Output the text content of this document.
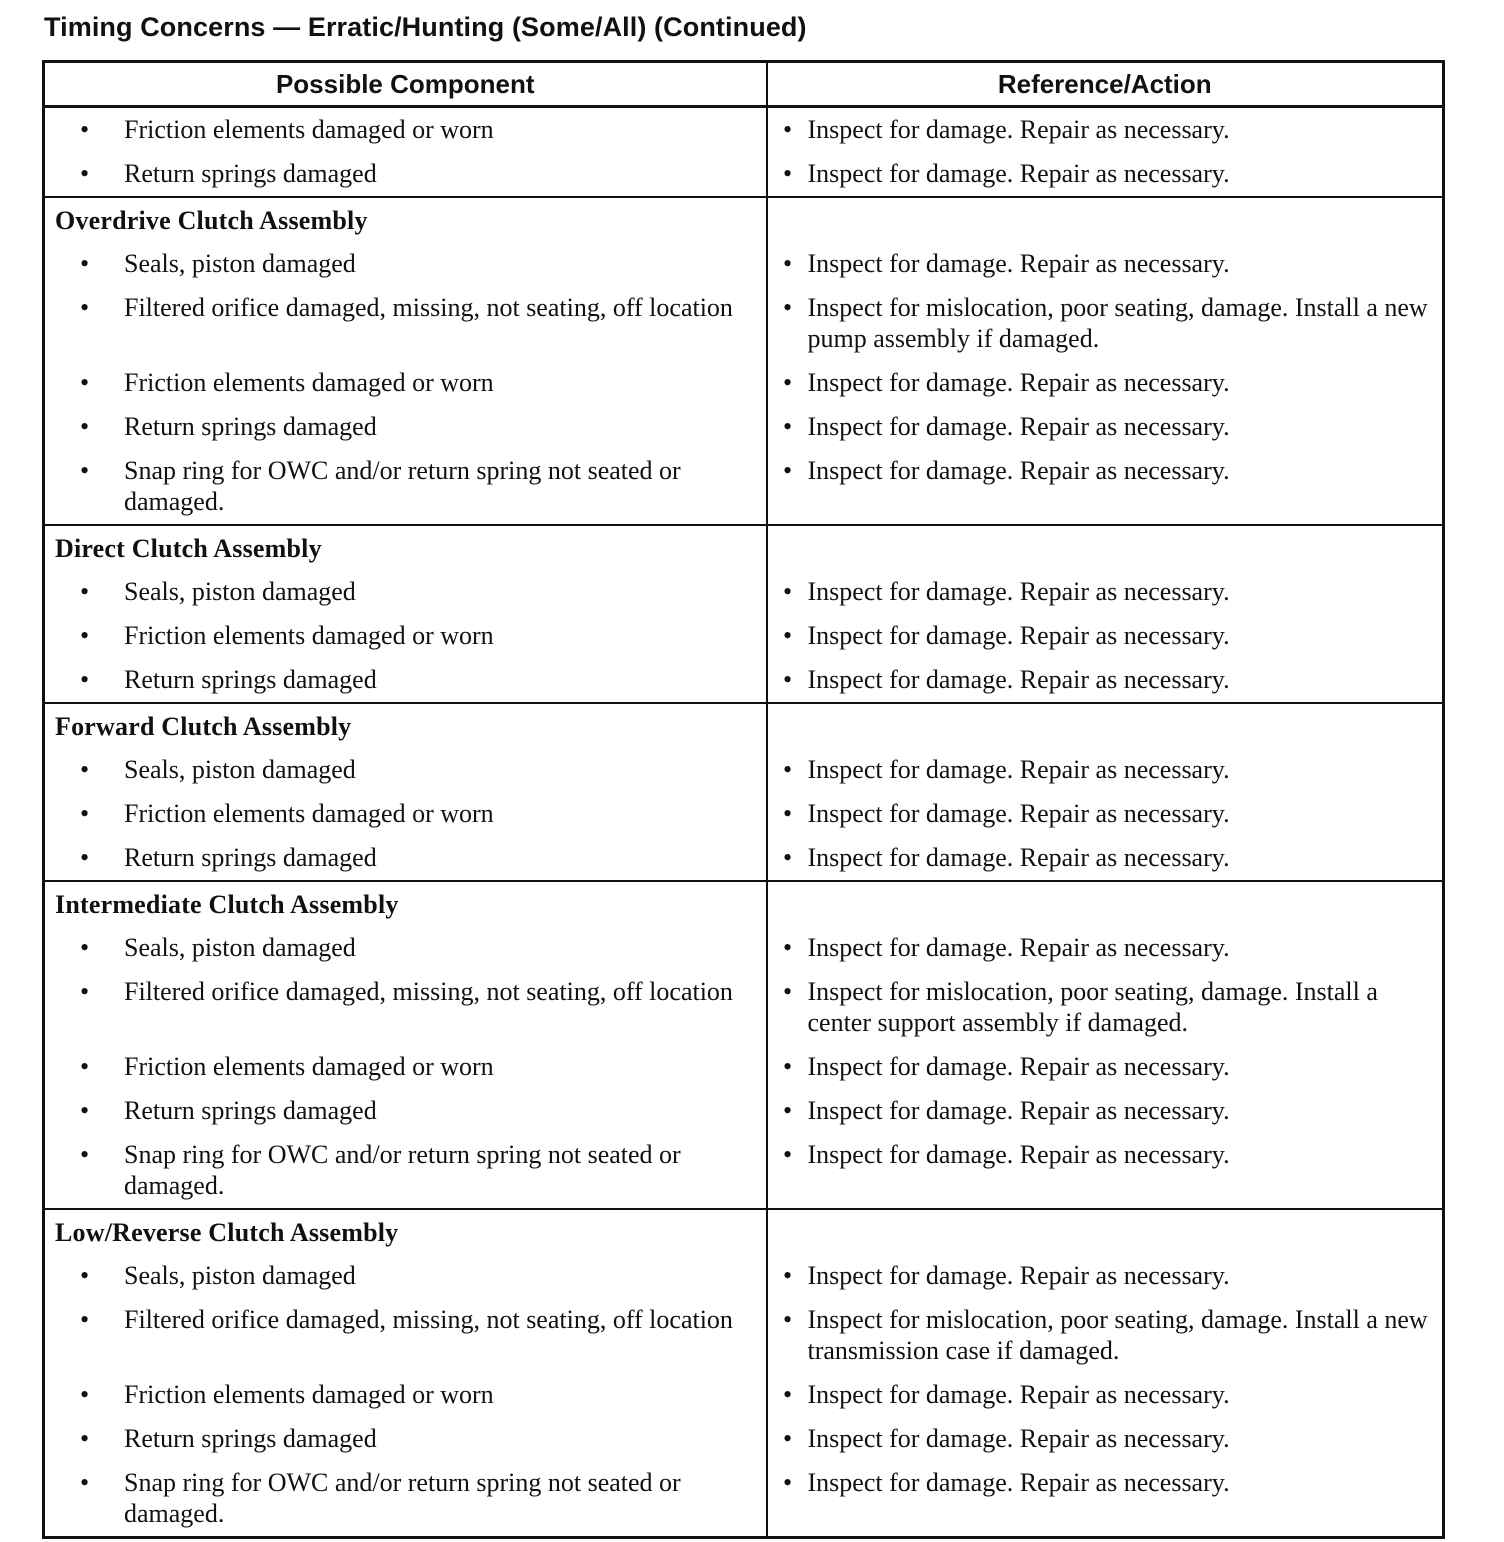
Timing Concerns — Erratic/Hunting (Some/All) (Continued)
Possible Component	Reference/Action

• Friction elements damaged or worn	• Inspect for damage. Repair as necessary.

• Return springs damaged	• Inspect for damage. Repair as necessary.

Overdrive Clutch Assembly	

• Seals, piston damaged	• Inspect for damage. Repair as necessary.

• Filtered orifice damaged, missing, not seating, off location	• Inspect for mislocation, poor seating, damage. Install a new pump assembly if damaged.

• Friction elements damaged or worn	• Inspect for damage. Repair as necessary.

• Return springs damaged	• Inspect for damage. Repair as necessary.

• Snap ring for OWC and/or return spring not seated or damaged.	• Inspect for damage. Repair as necessary.

Direct Clutch Assembly	

• Seals, piston damaged	• Inspect for damage. Repair as necessary.

• Friction elements damaged or worn	• Inspect for damage. Repair as necessary.

• Return springs damaged	• Inspect for damage. Repair as necessary.

Forward Clutch Assembly	

• Seals, piston damaged	• Inspect for damage. Repair as necessary.

• Friction elements damaged or worn	• Inspect for damage. Repair as necessary.

• Return springs damaged	• Inspect for damage. Repair as necessary.

Intermediate Clutch Assembly	

• Seals, piston damaged	• Inspect for damage. Repair as necessary.

• Filtered orifice damaged, missing, not seating, off location	• Inspect for mislocation, poor seating, damage. Install a center support assembly if damaged.

• Friction elements damaged or worn	• Inspect for damage. Repair as necessary.

• Return springs damaged	• Inspect for damage. Repair as necessary.

• Snap ring for OWC and/or return spring not seated or damaged.	• Inspect for damage. Repair as necessary.

Low/Reverse Clutch Assembly	

• Seals, piston damaged	• Inspect for damage. Repair as necessary.

• Filtered orifice damaged, missing, not seating, off location	• Inspect for mislocation, poor seating, damage. Install a new transmission case if damaged.

• Friction elements damaged or worn	• Inspect for damage. Repair as necessary.

• Return springs damaged	• Inspect for damage. Repair as necessary.

• Snap ring for OWC and/or return spring not seated or damaged.	• Inspect for damage. Repair as necessary.
